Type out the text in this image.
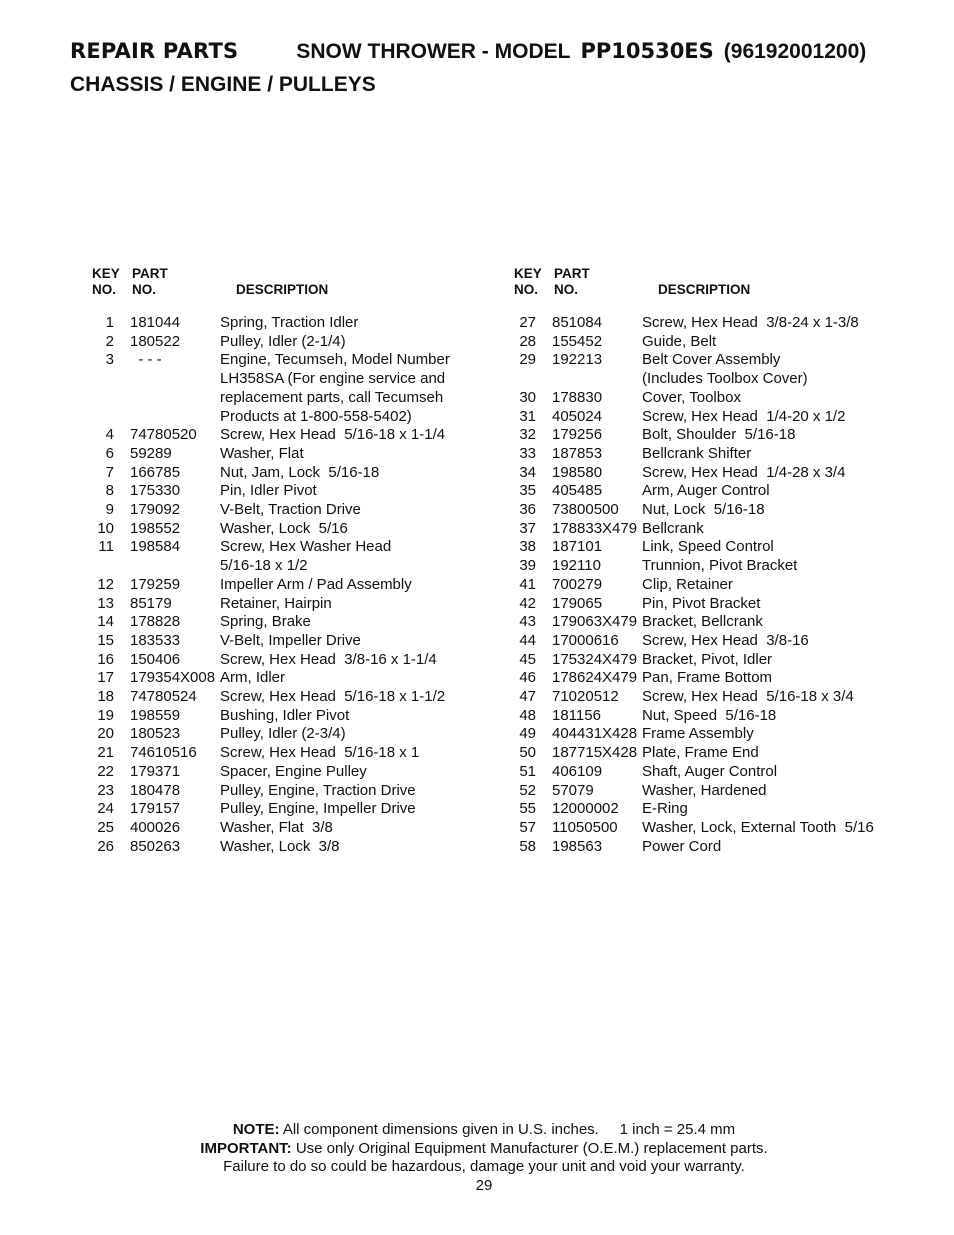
REPAIR PARTS	SNOW THROWER - MODEL PP10530ES (96192001200)
CHASSIS / ENGINE / PULLEYS
KEY PART
NO. NO.	DESCRIPTION
1	181044	Spring, Traction Idler
2	180522	Pulley, Idler (2-1/4)
3	- - -	Engine, Tecumseh, Model Number
LH358SA (For engine service and
replacement parts, call Tecumseh
Products at 1-800-558-5402)
4	74780520	Screw, Hex Head  5/16-18 x 1-1/4
6	59289	Washer, Flat
7	166785	Nut, Jam, Lock  5/16-18
8	175330	Pin, Idler Pivot
9	179092	V-Belt, Traction Drive
10	198552	Washer, Lock  5/16
11	198584	Screw, Hex Washer Head
5/16-18 x 1/2
12	179259	Impeller Arm / Pad Assembly
13	85179	Retainer, Hairpin
14	178828	Spring, Brake
15	183533	V-Belt, Impeller Drive
16	150406	Screw, Hex Head  3/8-16 x 1-1/4
17	179354X008 Arm, Idler
18	74780524	Screw, Hex Head  5/16-18 x 1-1/2
19	198559	Bushing, Idler Pivot
20	180523	Pulley, Idler (2-3/4)
21	74610516	Screw, Hex Head  5/16-18 x 1
22	179371	Spacer, Engine Pulley
23	180478	Pulley, Engine, Traction Drive
24	179157	Pulley, Engine, Impeller Drive
25	400026	Washer, Flat  3/8
26	850263	Washer, Lock  3/8
KEY PART
NO. NO.	DESCRIPTION
27	851084	Screw, Hex Head  3/8-24 x 1-3/8
28	155452	Guide, Belt
29	192213	Belt Cover Assembly
(Includes Toolbox Cover)
30	178830	Cover, Toolbox
31	405024	Screw, Hex Head  1/4-20 x 1/2
32	179256	Bolt, Shoulder  5/16-18
33	187853	Bellcrank Shifter
34	198580	Screw, Hex Head  1/4-28 x 3/4
35	405485	Arm, Auger Control
36	73800500	Nut, Lock  5/16-18
37	178833X479 Bellcrank
38	187101	Link, Speed Control
39	192110	Trunnion, Pivot Bracket
41	700279	Clip, Retainer
42	179065	Pin, Pivot Bracket
43	179063X479 Bracket, Bellcrank
44	17000616	Screw, Hex Head  3/8-16
45	175324X479 Bracket, Pivot, Idler
46	178624X479 Pan, Frame Bottom
47	71020512	Screw, Hex Head  5/16-18 x 3/4
48	181156	Nut, Speed  5/16-18
49	404431X428 Frame Assembly
50	187715X428 Plate, Frame End
51	406109	Shaft, Auger Control
52	57079	Washer, Hardened
55	12000002	E-Ring
57	11050500	Washer, Lock, External Tooth  5/16
58	198563	Power Cord
NOTE: All component dimensions given in U.S. inches.     1 inch = 25.4 mm
IMPORTANT: Use only Original Equipment Manufacturer (O.E.M.) replacement parts.
Failure to do so could be hazardous, damage your unit and void your warranty.
29
